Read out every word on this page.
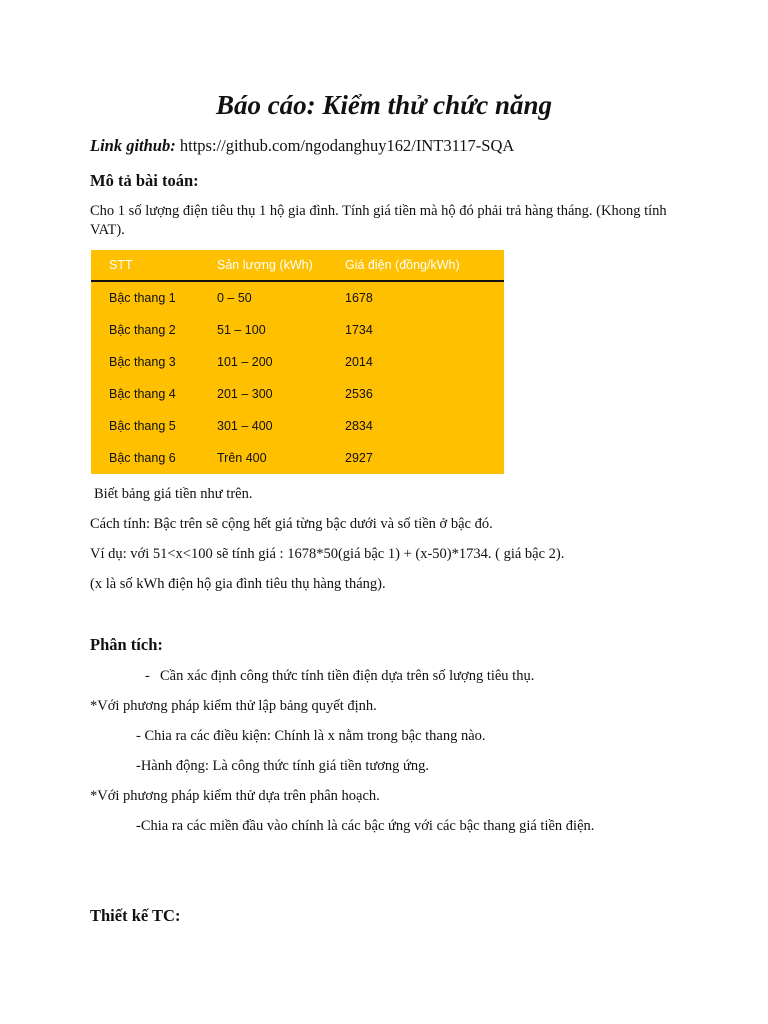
Báo cáo: Kiểm thử chức năng
Link github: https://github.com/ngodanghuy162/INT3117-SQA
Mô tả bài toán:

Cho 1 số lượng điện tiêu thụ 1 hộ gia đình. Tính giá tiền mà hộ đó phải trả hàng tháng. (Khong tính VAT).

STT	Sản lượng (kWh)	Giá điện (đồng/kWh)
Bậc thang 1	0 – 50	1678
Bậc thang 2	51 – 100	1734
Bậc thang 3	101 – 200	2014
Bậc thang 4	201 – 300	2536
Bậc thang 5	301 – 400	2834
Bậc thang 6	Trên 400	2927

Biết bảng giá tiền như trên.

Cách tính: Bậc trên sẽ cộng hết giá từng bậc dưới và số tiền ở bậc đó.

Ví dụ: với 51<x<100 sẽ tính giá : 1678*50(giá bậc 1) + (x-50)*1734. ( giá bậc 2).

(x là số kWh điện hộ gia đình tiêu thụ hàng tháng).

Phân tích:
- Cần xác định công thức tính tiền điện dựa trên số lượng tiêu thụ.

*Với phương pháp kiểm thử lập bảng quyết định.

- Chia ra các điều kiện: Chính là x nằm trong bậc thang nào.

-Hành động: Là công thức tính giá tiền tương ứng.

*Với phương pháp kiểm thử dựa trên phân hoạch.

-Chia ra các miền đầu vào chính là các bậc ứng với các bậc thang giá tiền điện.

Thiết kế TC:
